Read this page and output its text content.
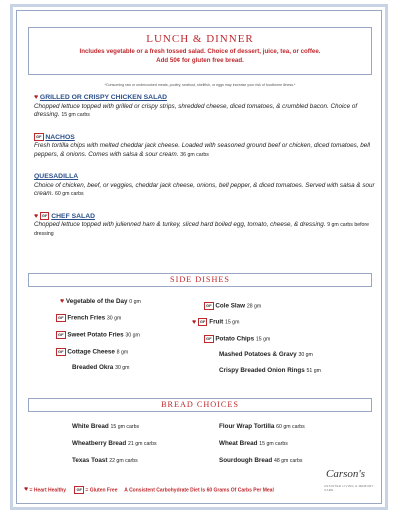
LUNCH & DINNER
Includes vegetable or a fresh tossed salad. Choice of dessert, juice, tea, or coffee.
Add 50¢ for gluten free bread.
*Consuming raw or undercooked meats, poultry, seafood, shellfish, or eggs may increase your risk of foodborne illness.*
♥ GRILLED OR CRISPY CHICKEN SALAD
Chopped lettuce topped with grilled or crispy strips, shredded cheese, diced tomatoes, & crumbled bacon. Choice of dressing. 15 gm carbs
GF NACHOS
Fresh tortilla chips with melted cheddar jack cheese. Loaded with seasoned ground beef or chicken, diced tomatoes, bell peppers, & onions. Comes with salsa & sour cream. 36 gm carbs
QUESADILLA
Choice of chicken, beef, or veggies, cheddar jack cheese, onions, bell pepper, & diced tomatoes. Served with salsa & sour cream. 60 gm carbs
♥ GF CHEF SALAD
Chopped lettuce topped with julienned ham & turkey, sliced hard boiled egg, tomato, cheese, & dressing. 9 gm carbs before dressing
SIDE DISHES
♥ Vegetable of the Day 0 gm
GF French Fries 30 gm
GF Sweet Potato Fries 30 gm
GF Cottage Cheese 8 gm
Breaded Okra 30 gm
GF Cole Slaw 28 gm
♥ GF Fruit 15 gm
GF Potato Chips 15 gm
Mashed Potatoes & Gravy 30 gm
Crispy Breaded Onion Rings 51 gm
BREAD CHOICES
White Bread 15 gm carbs
Wheatberry Bread 21 gm carbs
Texas Toast 22 gm carbs
Flour Wrap Tortilla 60 gm carbs
Wheat Bread 15 gm carbs
Sourdough Bread 48 gm carbs
Carson's
ASSISTED LIVING & MEMORY CARE
♥ = Heart Healthy	GF = Gluten Free A Consistent Carbohydrate Diet Is 60 Grams Of Carbs Per Meal
